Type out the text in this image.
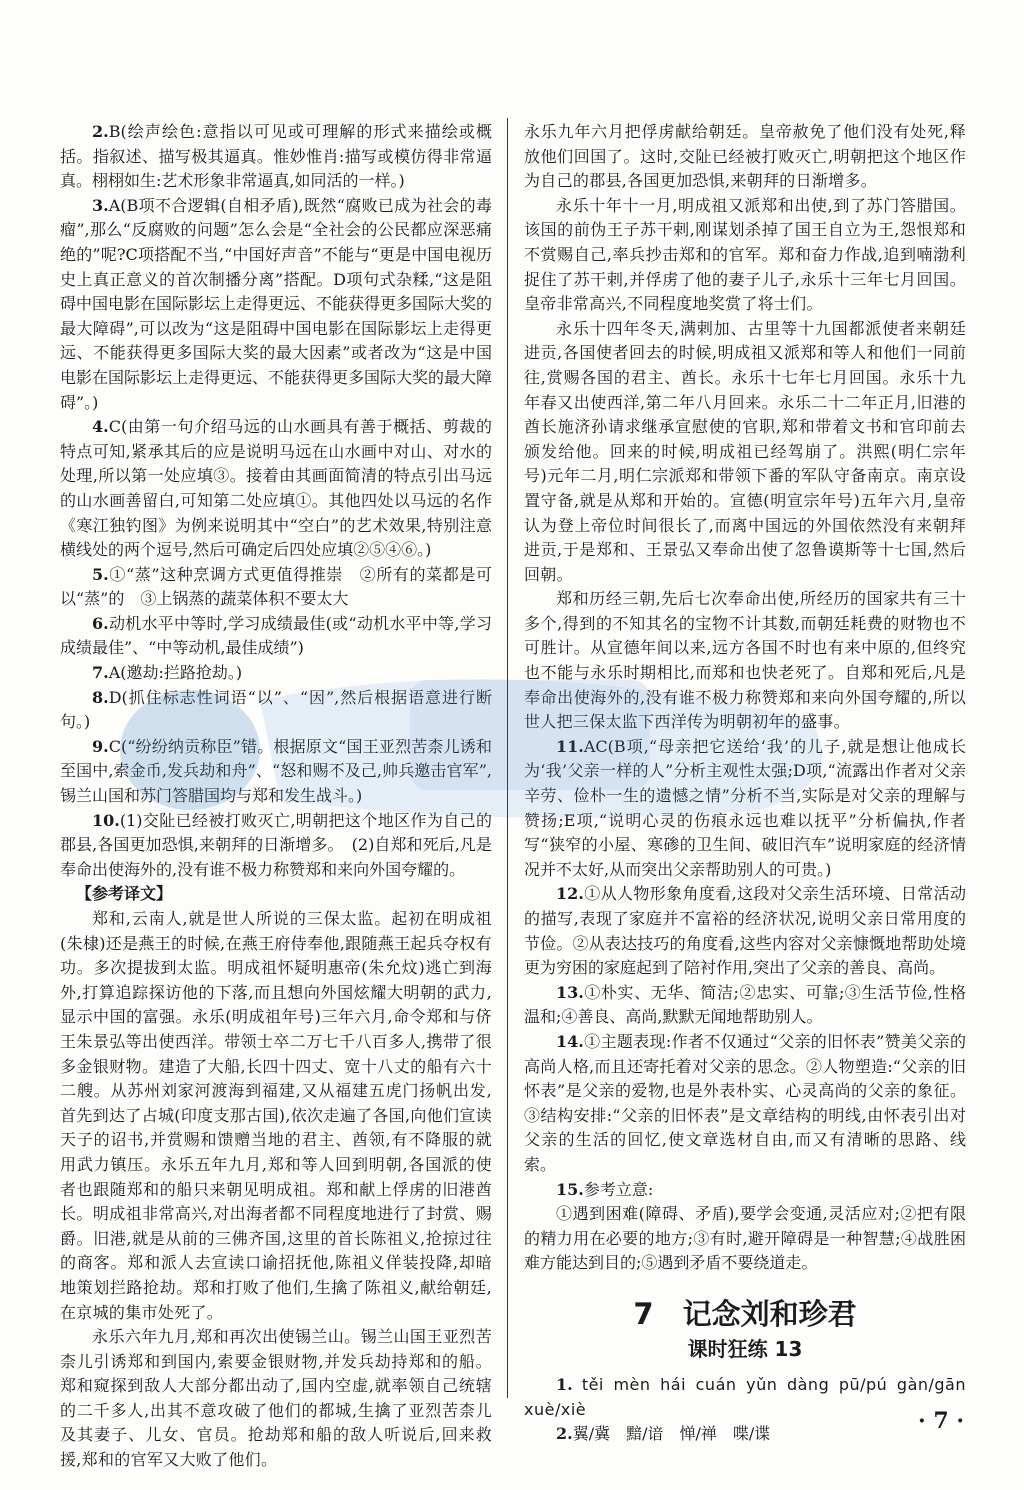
2.B(绘声绘色:意指以可见或可理解的形式来描绘或概括。指叙述、描写极其逼真。惟妙惟肖:描写或模仿得非常逼真。栩栩如生:艺术形象非常逼真,如同活的一样。)

3.A(B项不合逻辑(自相矛盾),既然“腐败已成为社会的毒瘤”,那么“反腐败的问题”怎么会是“全社会的公民都应深恶痛绝的”呢?C项搭配不当,“中国好声音”不能与“更是中国电视历史上真正意义的首次制播分离”搭配。D项句式杂糅,“这是阻碍中国电影在国际影坛上走得更远、不能获得更多国际大奖的最大障碍”,可以改为“这是阻碍中国电影在国际影坛上走得更远、不能获得更多国际大奖的最大因素”或者改为“这是中国电影在国际影坛上走得更远、不能获得更多国际大奖的最大障碍”。)

4.C(由第一句介绍马远的山水画具有善于概括、剪裁的特点可知,紧承其后的应是说明马远在山水画中对山、对水的处理,所以第一处应填③。接着由其画面简清的特点引出马远的山水画善留白,可知第二处应填①。其他四处以马远的名作《寒江独钓图》为例来说明其中“空白”的艺术效果,特别注意横线处的两个逗号,然后可确定后四处应填②⑤④⑥。)

5.①“蒸”这种烹调方式更值得推崇　②所有的菜都是可以“蒸”的　③上锅蒸的蔬菜体积不要太大

6.动机水平中等时,学习成绩最佳(或“动机水平中等,学习成绩最佳”、“中等动机,最佳成绩”)

7.A(邀劫:拦路抢劫。)

8.D(抓住标志性词语“以”、“因”,然后根据语意进行断句。)

9.C(“纷纷纳贡称臣”错。根据原文“国王亚烈苦柰儿诱和至国中,索金币,发兵劫和舟”、“怒和赐不及己,帅兵邀击官军”,锡兰山国和苏门答腊国均与郑和发生战斗。)

10.(1)交阯已经被打败灭亡,明朝把这个地区作为自己的郡县,各国更加恐惧,来朝拜的日渐增多。　(2)自郑和死后,凡是奉命出使海外的,没有谁不极力称赞郑和来向外国夸耀的。

【参考译文】

郑和,云南人,就是世人所说的三保太监。起初在明成祖(朱棣)还是燕王的时候,在燕王府侍奉他,跟随燕王起兵夺权有功。多次提拔到太监。明成祖怀疑明惠帝(朱允炆)逃亡到海外,打算追踪探访他的下落,而且想向外国炫耀大明朝的武力,显示中国的富强。永乐(明成祖年号)三年六月,命令郑和与侪王朱景弘等出使西洋。带领士卒二万七千八百多人,携带了很多金银财物。建造了大船,长四十四丈、宽十八丈的船有六十二艘。从苏州刘家河渡海到福建,又从福建五虎门扬帆出发,首先到达了占城(印度支那古国),依次走遍了各国,向他们宣读天子的诏书,并赏赐和馈赠当地的君主、酋领,有不降服的就用武力镇压。永乐五年九月,郑和等人回到明朝,各国派的使者也跟随郑和的船只来朝见明成祖。郑和献上俘虏的旧港酋长。明成祖非常高兴,对出海者都不同程度地进行了封赏、赐爵。旧港,就是从前的三佛齐国,这里的首长陈祖义,抢掠过往的商客。郑和派人去宣读口谕招抚他,陈祖义佯装投降,却暗地策划拦路抢劫。郑和打败了他们,生擒了陈祖义,献给朝廷,在京城的集市处死了。

永乐六年九月,郑和再次出使锡兰山。锡兰山国王亚烈苦柰儿引诱郑和到国内,索要金银财物,并发兵劫持郑和的船。郑和窥探到敌人大部分都出动了,国内空虚,就率领自己统辖的二千多人,出其不意攻破了他们的都城,生擒了亚烈苦柰儿及其妻子、儿女、官员。抢劫郑和船的敌人听说后,回来救援,郑和的官军又大败了他们。

永乐九年六月把俘虏献给朝廷。皇帝赦免了他们没有处死,释放他们回国了。这时,交阯已经被打败灭亡,明朝把这个地区作为自己的郡县,各国更加恐惧,来朝拜的日渐增多。

永乐十年十一月,明成祖又派郑和出使,到了苏门答腊国。该国的前伪王子苏干剌,刚谋划杀掉了国王自立为王,怨恨郑和不赏赐自己,率兵抄击郑和的官军。郑和奋力作战,追到喃渤利捉住了苏干剌,并俘虏了他的妻子儿子,永乐十三年七月回国。皇帝非常高兴,不同程度地奖赏了将士们。

永乐十四年冬天,满剌加、古里等十九国都派使者来朝廷进贡,各国使者回去的时候,明成祖又派郑和等人和他们一同前往,赏赐各国的君主、酋长。永乐十七年七月回国。永乐十九年春又出使西洋,第二年八月回来。永乐二十二年正月,旧港的酋长施济孙请求继承宣慰使的官职,郑和带着文书和官印前去颁发给他。回来的时候,明成祖已经驾崩了。洪熙(明仁宗年号)元年二月,明仁宗派郑和带领下番的军队守备南京。南京设置守备,就是从郑和开始的。宣德(明宣宗年号)五年六月,皇帝认为登上帝位时间很长了,而离中国远的外国依然没有来朝拜进贡,于是郑和、王景弘又奉命出使了忽鲁谟斯等十七国,然后回朝。

郑和历经三朝,先后七次奉命出使,所经历的国家共有三十多个,得到的不知其名的宝物不计其数,而朝廷耗费的财物也不可胜计。从宣德年间以来,远方各国不时也有来中原的,但终究也不能与永乐时期相比,而郑和也快老死了。自郑和死后,凡是奉命出使海外的,没有谁不极力称赞郑和来向外国夸耀的,所以世人把三保太监下西洋传为明朝初年的盛事。

11.AC(B项,“母亲把它送给‘我’的儿子,就是想让他成长为‘我’父亲一样的人”分析主观性太强;D项,“流露出作者对父亲辛劳、俭朴一生的遗憾之情”分析不当,实际是对父亲的理解与赞扬;E项,“说明心灵的伤痕永远也难以抚平”分析偏执,作者写“狭窄的小屋、寒碜的卫生间、破旧汽车”说明家庭的经济情况并不太好,从而突出父亲帮助别人的可贵。)

12.①从人物形象角度看,这段对父亲生活环境、日常活动的描写,表现了家庭并不富裕的经济状况,说明父亲日常用度的节俭。②从表达技巧的角度看,这些内容对父亲慷慨地帮助处境更为穷困的家庭起到了陪衬作用,突出了父亲的善良、高尚。

13.①朴实、无华、简洁;②忠实、可靠;③生活节俭,性格温和;④善良、高尚,默默无闻地帮助别人。

14.①主题表现:作者不仅通过“父亲的旧怀表”赞美父亲的高尚人格,而且还寄托着对父亲的思念。②人物塑造:“父亲的旧怀表”是父亲的爱物,也是外表朴实、心灵高尚的父亲的象征。③结构安排:“父亲的旧怀表”是文章结构的明线,由怀表引出对父亲的生活的回忆,使文章选材自由,而又有清晰的思路、线索。

15.参考立意:

①遇到困难(障碍、矛盾),要学会变通,灵活应对;②把有限的精力用在必要的地方;③有时,避开障碍是一种智慧;④战胜困难方能达到目的;⑤遇到矛盾不要绕道走。

7　记念刘和珍君
课时狂练 13

1. těi mèn hái cuán yǔn dàng pū/pú gàn/gān xuè/xiè

2.翼/冀　黯/谙　惮/禅　喋/谍	· 7 ·
